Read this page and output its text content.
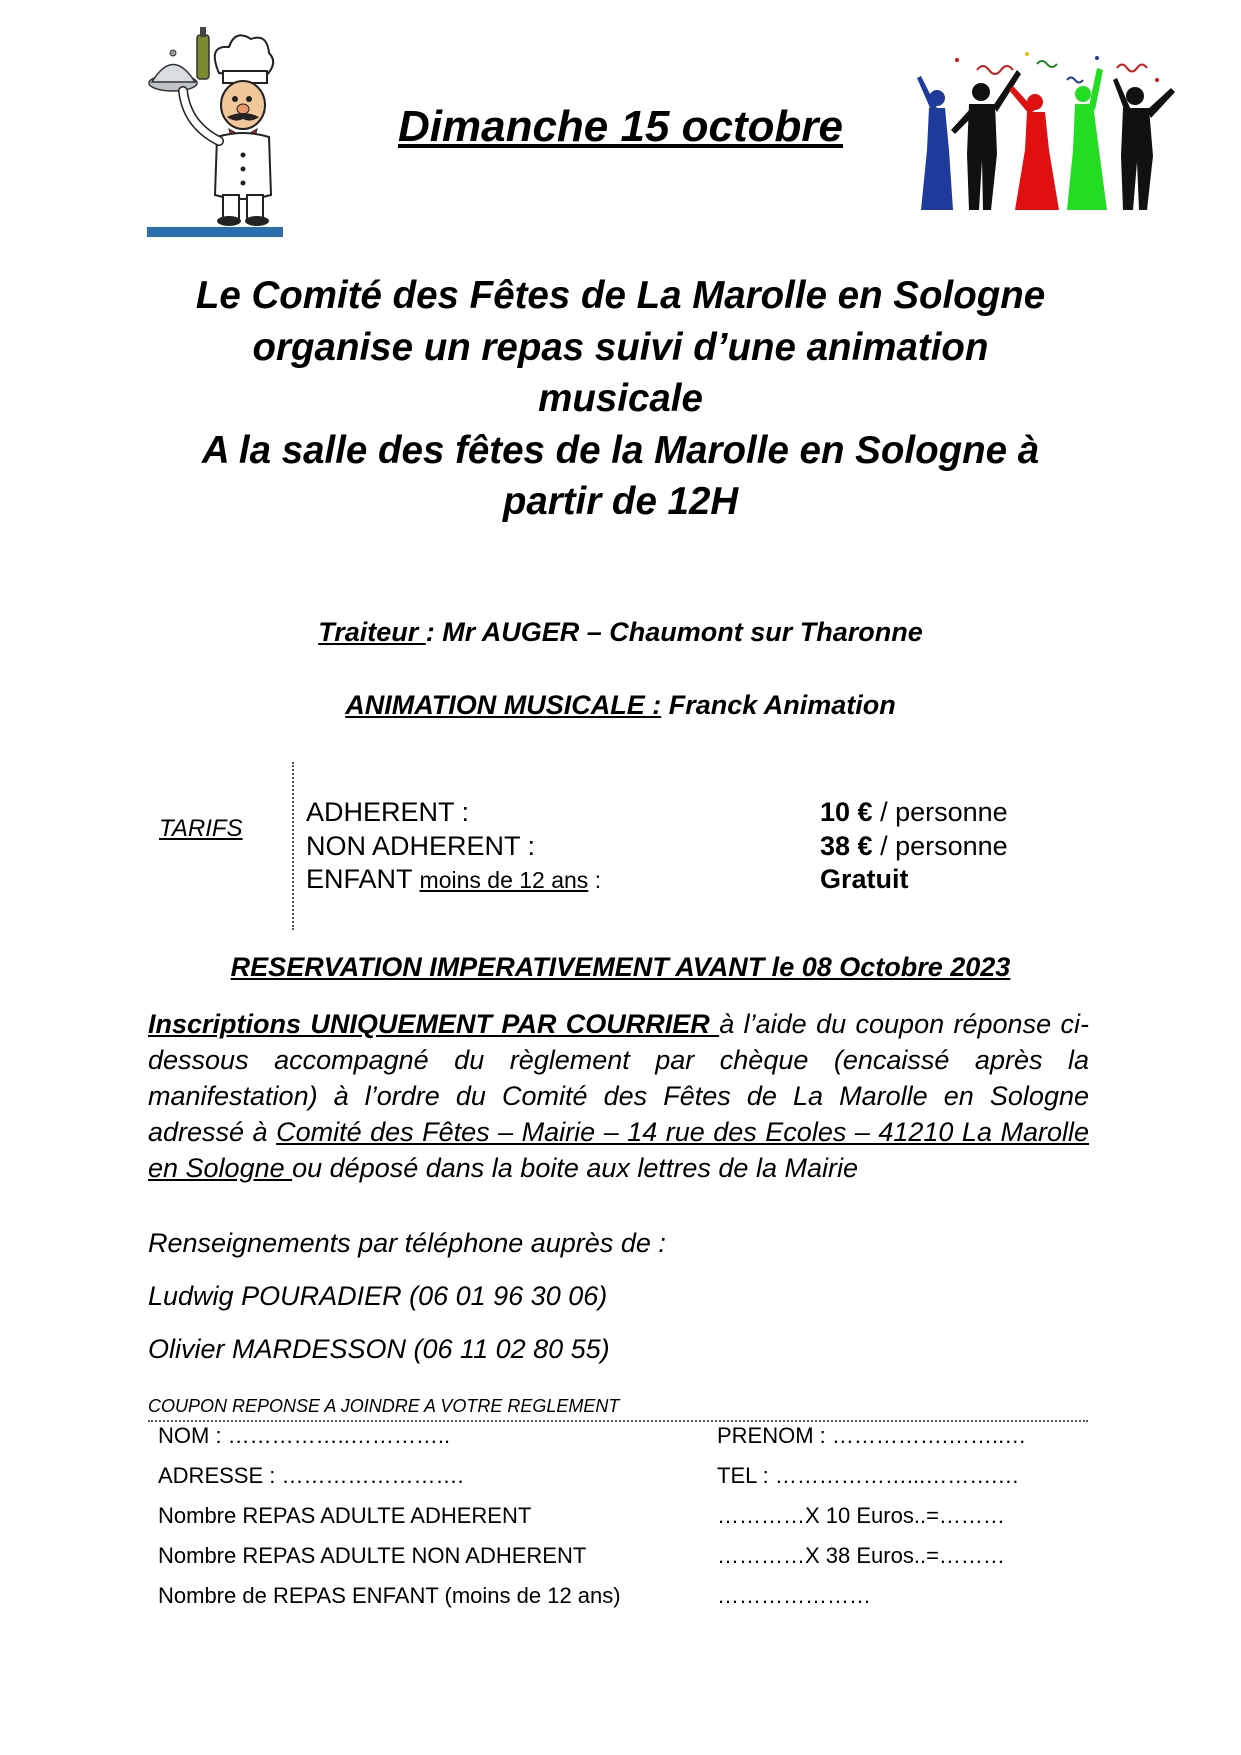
Dimanche 15 octobre
Le Comité des Fêtes de La Marolle en Sologne
organise un repas suivi d’une animation
musicale
A la salle des fêtes de la Marolle en Sologne à
partir de 12H
Traiteur : Mr AUGER – Chaumont sur Tharonne
ANIMATION MUSICALE : Franck Animation
TARIFS
ADHERENT :	10 € / personne
NON ADHERENT :	38 € / personne
ENFANT moins de 12 ans :	Gratuit
RESERVATION IMPERATIVEMENT AVANT le 08 Octobre 2023
Inscriptions UNIQUEMENT PAR COURRIER à l’aide du coupon réponse ci-dessous accompagné du règlement par chèque (encaissé après la manifestation) à l’ordre du Comité des Fêtes de La Marolle en Sologne adressé à Comité des Fêtes – Mairie – 14 rue des Ecoles – 41210 La Marolle en Sologne ou déposé dans la boite aux lettres de la Mairie
Renseignements par téléphone auprès de :
Ludwig POURADIER (06 01 96 30 06)
Olivier MARDESSON (06 11 02 80 55)
COUPON REPONSE A JOINDRE A VOTRE REGLEMENT
NOM : ……………..…………..	PRENOM : …………….……..…
ADRESSE : …………………….	TEL : ………………...……….…
Nombre REPAS ADULTE ADHERENT	…………X 10 Euros..=………
Nombre REPAS ADULTE NON ADHERENT	…………X 38 Euros..=………
Nombre de REPAS ENFANT (moins de 12 ans)	…………………
